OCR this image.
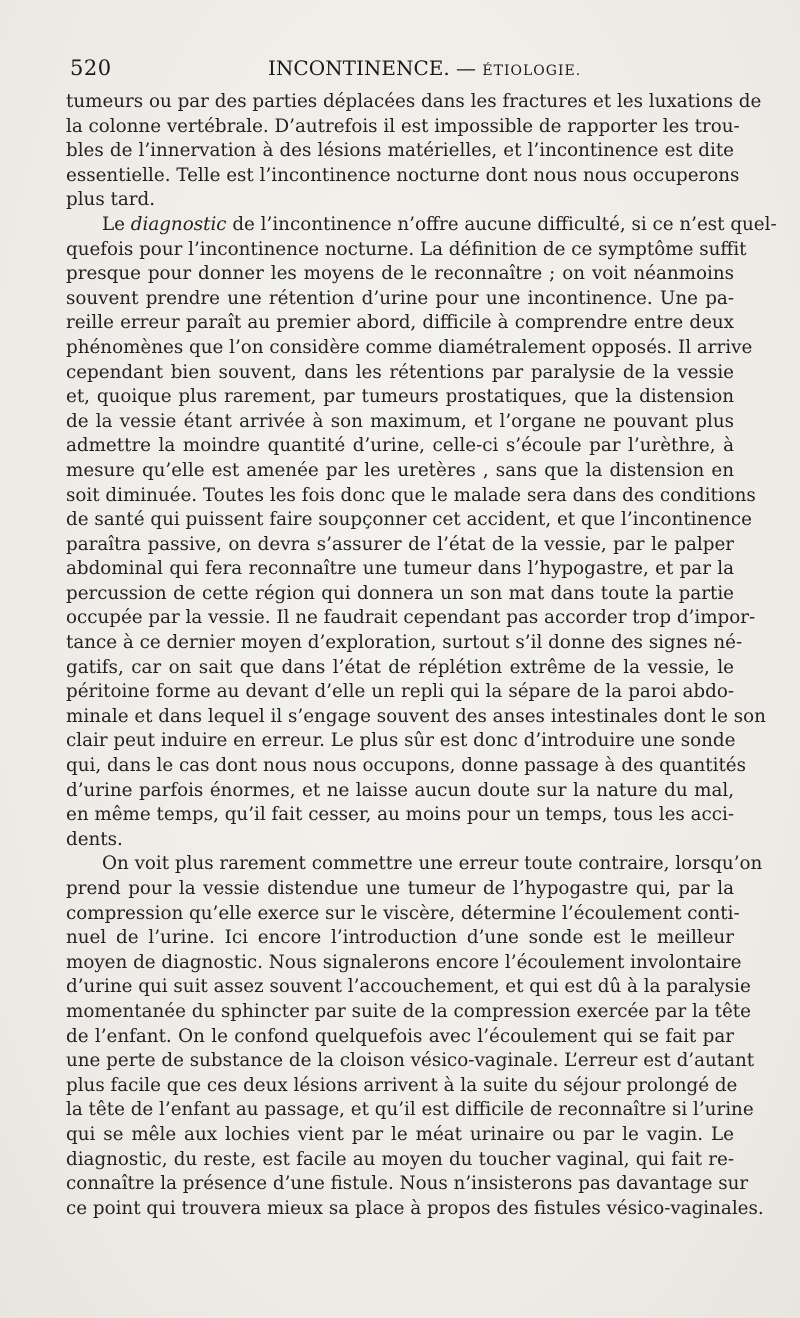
520	INCONTINENCE. — ÉTIOLOGIE.

tumeurs ou par des parties déplacées dans les fractures et les luxations de
la colonne vertébrale. D’autrefois il est impossible de rapporter les trou-
bles de l’innervation à des lésions matérielles, et l’incontinence est dite
essentielle. Telle est l’incontinence nocturne dont nous nous occuperons
plus tard.

Le diagnostic de l’incontinence n’offre aucune difficulté, si ce n’est quel-
quefois pour l’incontinence nocturne. La définition de ce symptôme suffit
presque pour donner les moyens de le reconnaître ; on voit néanmoins
souvent prendre une rétention d’urine pour une incontinence. Une pa-
reille erreur paraît au premier abord, difficile à comprendre entre deux
phénomènes que l’on considère comme diamétralement opposés. Il arrive
cependant bien souvent, dans les rétentions par paralysie de la vessie
et, quoique plus rarement, par tumeurs prostatiques, que la distension
de la vessie étant arrivée à son maximum, et l’organe ne pouvant plus
admettre la moindre quantité d’urine, celle-ci s’écoule par l’urèthre, à
mesure qu’elle est amenée par les uretères , sans que la distension en
soit diminuée. Toutes les fois donc que le malade sera dans des conditions
de santé qui puissent faire soupçonner cet accident, et que l’incontinence
paraîtra passive, on devra s’assurer de l’état de la vessie, par le palper
abdominal qui fera reconnaître une tumeur dans l’hypogastre, et par la
percussion de cette région qui donnera un son mat dans toute la partie
occupée par la vessie. Il ne faudrait cependant pas accorder trop d’impor-
tance à ce dernier moyen d’exploration, surtout s’il donne des signes né-
gatifs, car on sait que dans l’état de réplétion extrême de la vessie, le
péritoine forme au devant d’elle un repli qui la sépare de la paroi abdo-
minale et dans lequel il s’engage souvent des anses intestinales dont le son
clair peut induire en erreur. Le plus sûr est donc d’introduire une sonde
qui, dans le cas dont nous nous occupons, donne passage à des quantités
d’urine parfois énormes, et ne laisse aucun doute sur la nature du mal,
en même temps, qu’il fait cesser, au moins pour un temps, tous les acci-
dents.

On voit plus rarement commettre une erreur toute contraire, lorsqu’on
prend pour la vessie distendue une tumeur de l’hypogastre qui, par la
compression qu’elle exerce sur le viscère, détermine l’écoulement conti-
nuel de l’urine. Ici encore l’introduction d’une sonde est le meilleur
moyen de diagnostic. Nous signalerons encore l’écoulement involontaire
d’urine qui suit assez souvent l’accouchement, et qui est dû à la paralysie
momentanée du sphincter par suite de la compression exercée par la tête
de l’enfant. On le confond quelquefois avec l’écoulement qui se fait par
une perte de substance de la cloison vésico-vaginale. L’erreur est d’autant
plus facile que ces deux lésions arrivent à la suite du séjour prolongé de
la tête de l’enfant au passage, et qu’il est difficile de reconnaître si l’urine
qui se mêle aux lochies vient par le méat urinaire ou par le vagin. Le
diagnostic, du reste, est facile au moyen du toucher vaginal, qui fait re-
connaître la présence d’une fistule. Nous n’insisterons pas davantage sur
ce point qui trouvera mieux sa place à propos des fistules vésico-vaginales.
